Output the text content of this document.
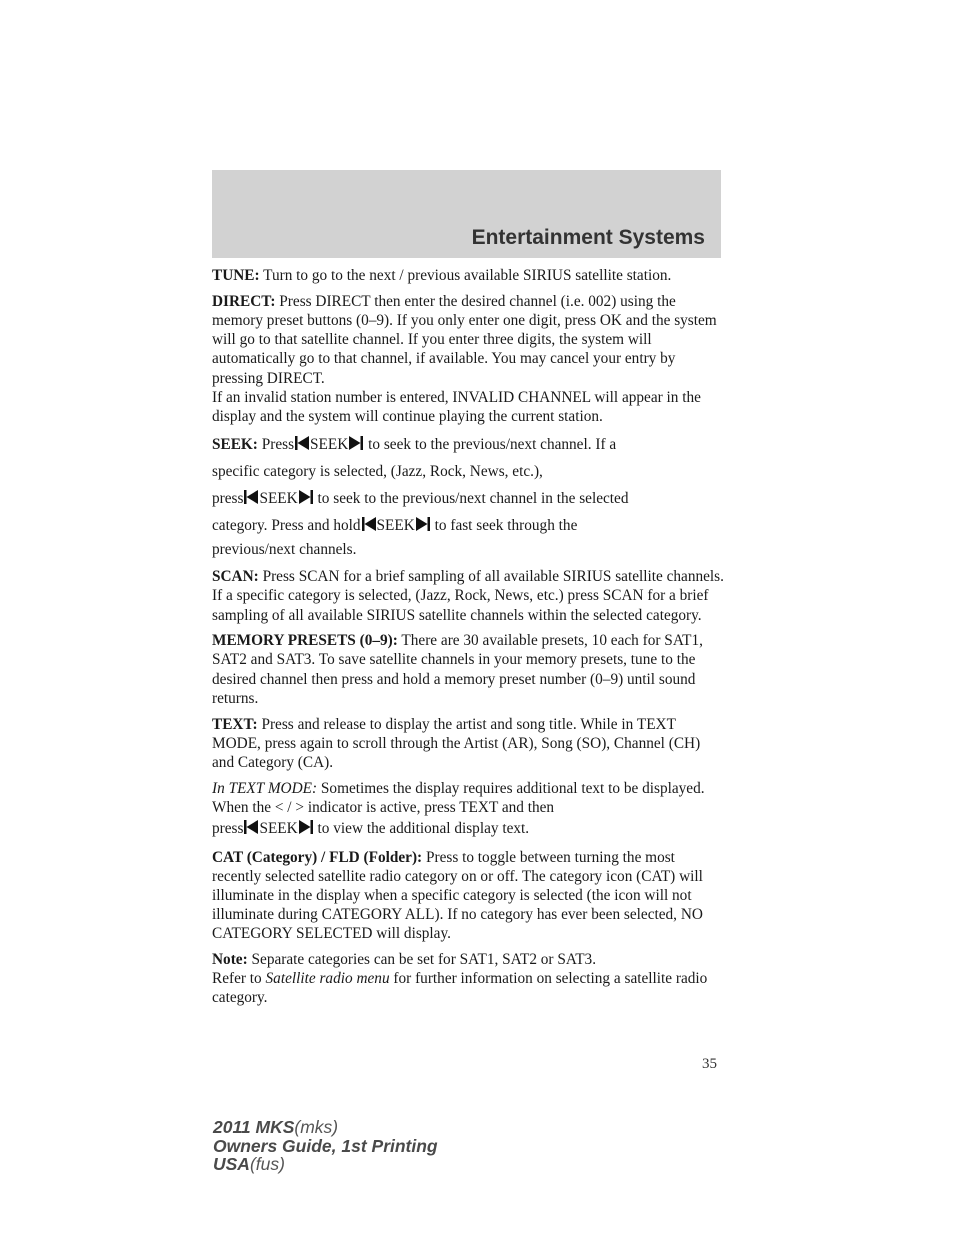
Entertainment Systems

TUNE: Turn to go to the next / previous available SIRIUS satellite station.

DIRECT: Press DIRECT then enter the desired channel (i.e. 002) using the memory preset buttons (0–9). If you only enter one digit, press OK and the system will go to that satellite channel. If you enter three digits, the system will automatically go to that channel, if available. You may cancel your entry by pressing DIRECT.

If an invalid station number is entered, INVALID CHANNEL will appear in the display and the system will continue playing the current station.

SEEK: Press SEEK to seek to the previous/next channel. If a
specific category is selected, (Jazz, Rock, News, etc.),
press SEEK to seek to the previous/next channel in the selected
category. Press and hold SEEK to fast seek through the
previous/next channels.

SCAN: Press SCAN for a brief sampling of all available SIRIUS satellite channels. If a specific category is selected, (Jazz, Rock, News, etc.) press SCAN for a brief sampling of all available SIRIUS satellite channels within the selected category.

MEMORY PRESETS (0–9): There are 30 available presets, 10 each for SAT1, SAT2 and SAT3. To save satellite channels in your memory presets, tune to the desired channel then press and hold a memory preset number (0–9) until sound returns.

TEXT: Press and release to display the artist and song title. While in TEXT MODE, press again to scroll through the Artist (AR), Song (SO), Channel (CH) and Category (CA).

In TEXT MODE: Sometimes the display requires additional text to be displayed. When the < / > indicator is active, press TEXT and then
press SEEK to view the additional display text.

CAT (Category) / FLD (Folder): Press to toggle between turning the most recently selected satellite radio category on or off. The category icon (CAT) will illuminate in the display when a specific category is selected (the icon will not illuminate during CATEGORY ALL). If no category has ever been selected, NO CATEGORY SELECTED will display.

Note: Separate categories can be set for SAT1, SAT2 or SAT3.

Refer to Satellite radio menu for further information on selecting a satellite radio category.

35
2011 MKS(mks)
Owners Guide, 1st Printing
USA(fus)
